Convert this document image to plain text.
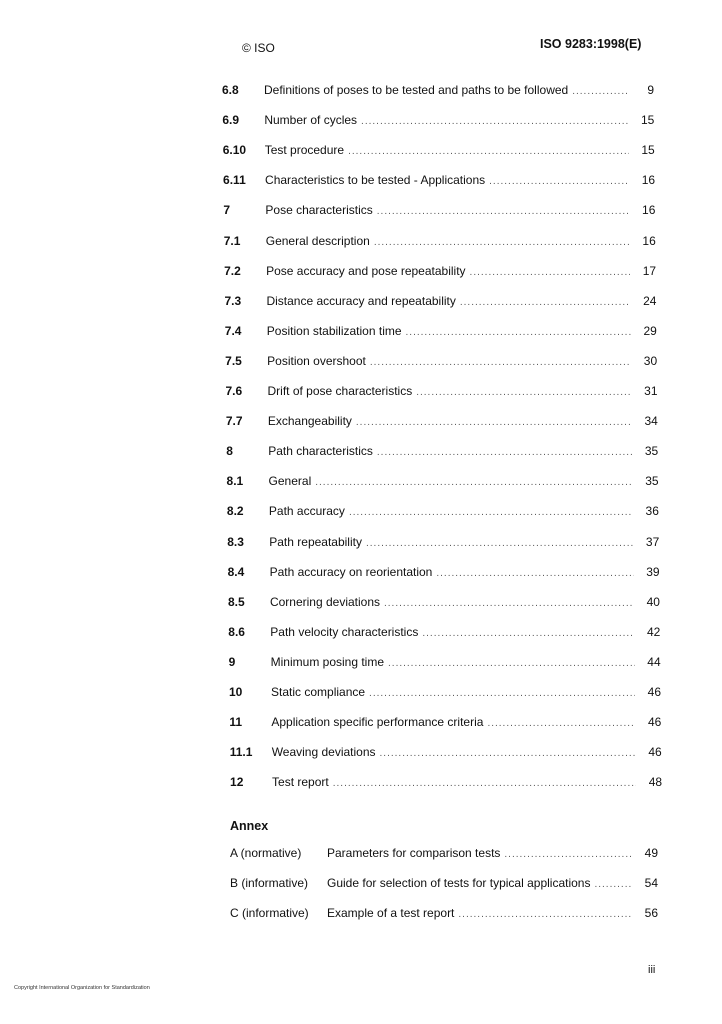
© ISO	ISO 9283:1998(E)
6.8	Definitions of poses to be tested and paths to be followed .....	9
6.9	Number of cycles .....	15
6.10	Test procedure .....	15
6.11	Characteristics to be tested - Applications .....	16
7	Pose characteristics .....	16
7.1	General description .....	16
7.2	Pose accuracy and pose repeatability .....	17
7.3	Distance accuracy and repeatability .....	24
7.4	Position stabilization time .....	29
7.5	Position overshoot .....	30
7.6	Drift of pose characteristics .....	31
7.7	Exchangeability .....	34
8	Path characteristics .....	35
8.1	General .....	35
8.2	Path accuracy .....	36
8.3	Path repeatability .....	37
8.4	Path accuracy on reorientation .....	39
8.5	Cornering deviations .....	40
8.6	Path velocity characteristics .....	42
9	Minimum posing time .....	44
10	Static compliance .....	46
11	Application specific performance criteria .....	46
11.1	Weaving deviations .....	46
12	Test report .....	48
Annex
A (normative)	Parameters for comparison tests .....	49
B (informative)	Guide for selection of tests for typical applications .....	54
C (informative)	Example of a test report .....	56
iii
Copyright International Organization for Standardization
